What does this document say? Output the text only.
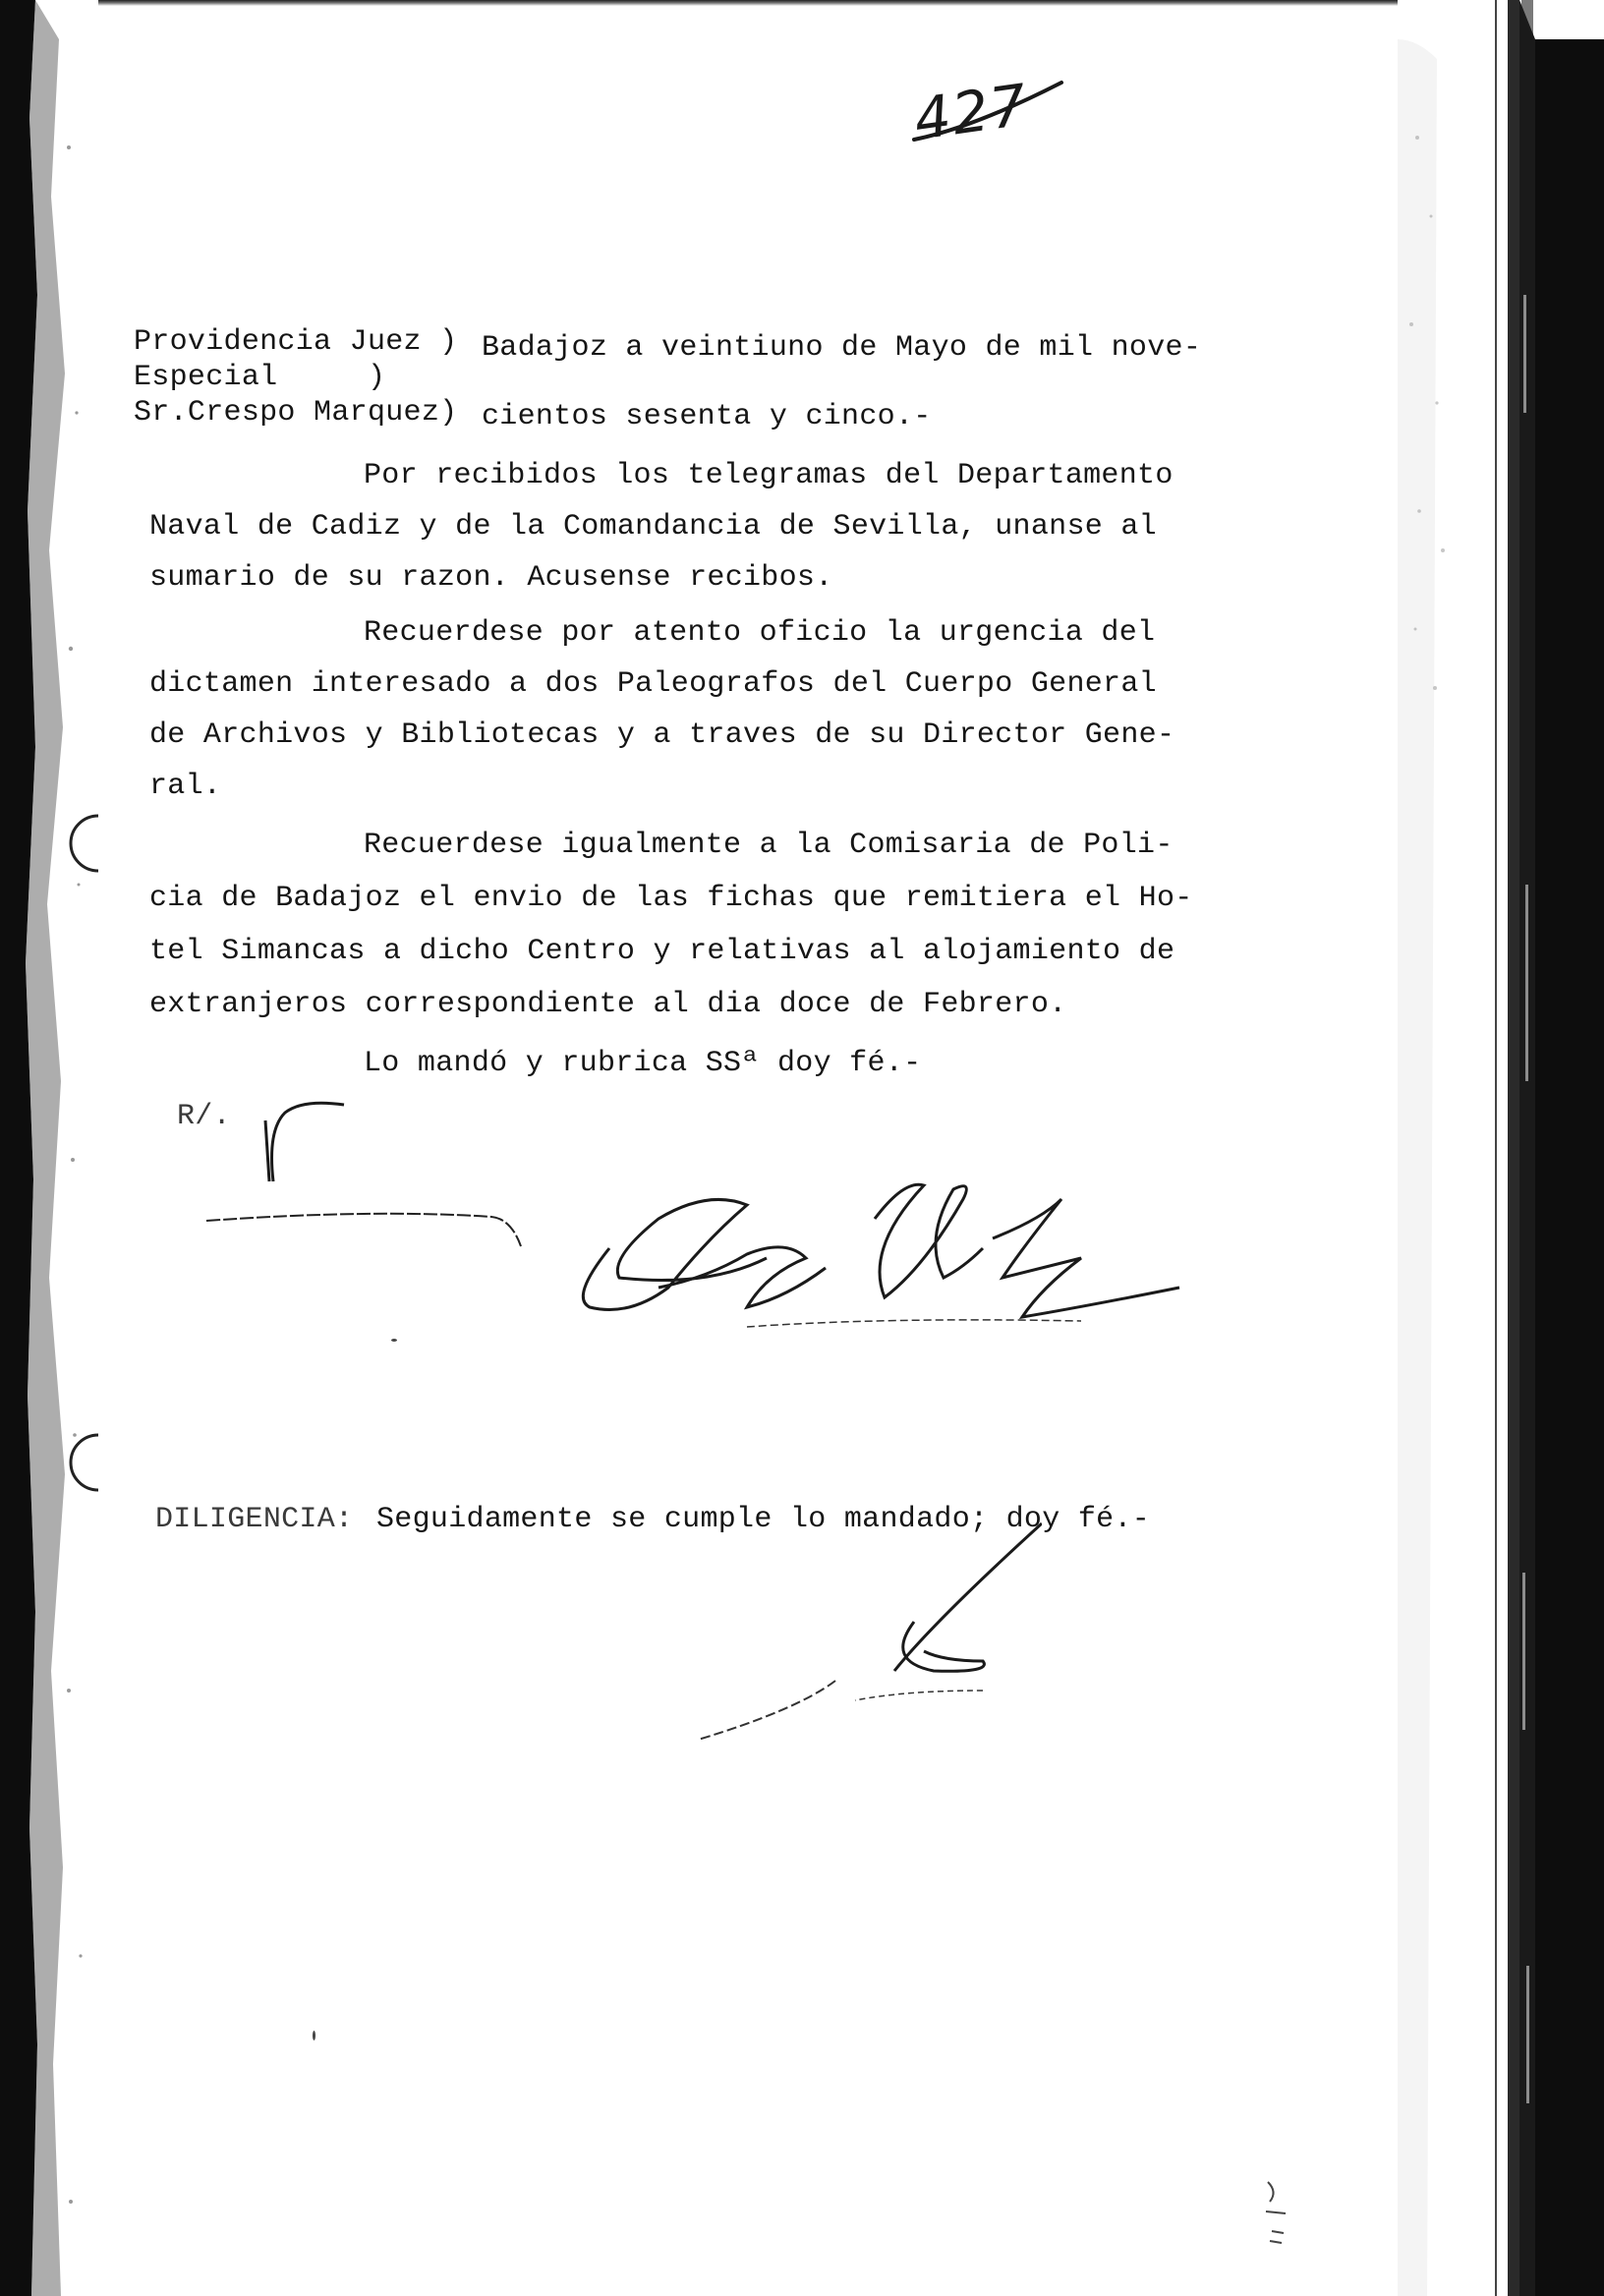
427
Providencia Juez )
Especial     )
Sr.Crespo Marquez)
Badajoz a veintiuno de Mayo de mil nove-
cientos sesenta y cinco.-
Por recibidos los telegramas del Departamento
Naval de Cadiz y de la Comandancia de Sevilla, unanse al
sumario de su razon. Acusense recibos.
Recuerdese por atento oficio la urgencia del
dictamen interesado a dos Paleografos del Cuerpo General
de Archivos y Bibliotecas y a traves de su Director Gene-
ral.
Recuerdese igualmente a la Comisaria de Poli-
cia de Badajoz el envio de las fichas que remitiera el Ho-
tel Simancas a dicho Centro y relativas al alojamiento de
extranjeros correspondiente al dia doce de Febrero.
Lo mandó y rubrica SSª doy fé.-
R/.
DILIGENCIA: Seguidamente se cumple lo mandado; doy fé.-
